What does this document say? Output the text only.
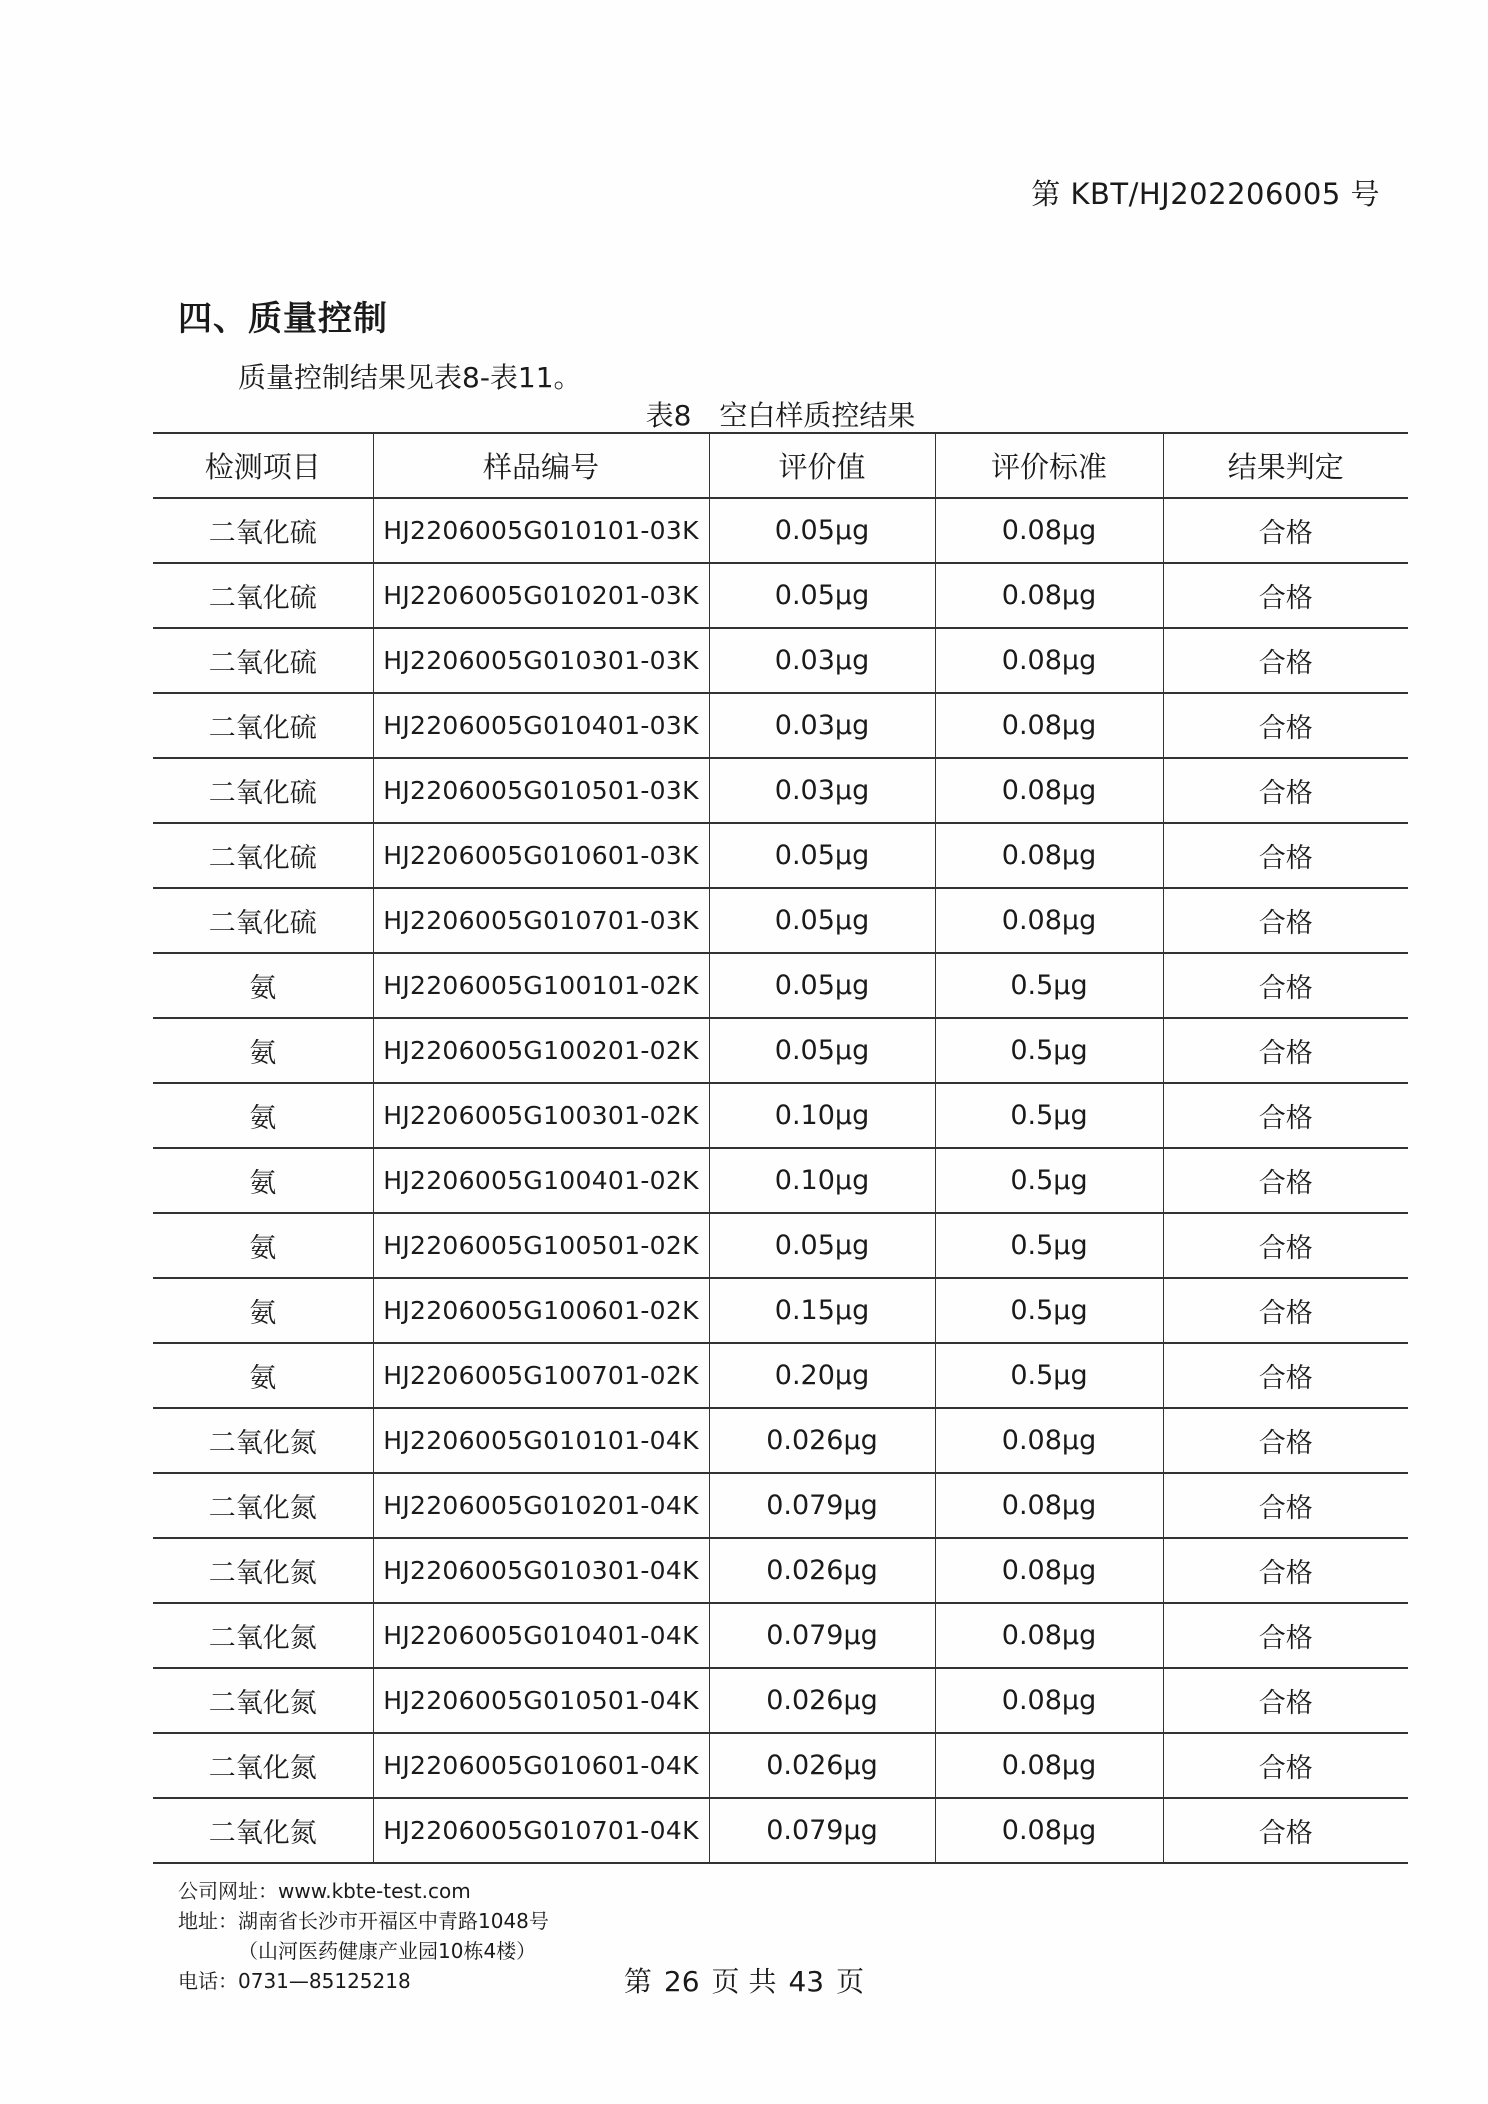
第 KBT/HJ202206005 号
四、质量控制
质量控制结果见表8-表11。
表8　空白样质控结果
检测项目	样品编号	评价值	评价标准	结果判定
二氧化硫	HJ2206005G010101-03K	0.05μg	0.08μg	合格
二氧化硫	HJ2206005G010201-03K	0.05μg	0.08μg	合格
二氧化硫	HJ2206005G010301-03K	0.03μg	0.08μg	合格
二氧化硫	HJ2206005G010401-03K	0.03μg	0.08μg	合格
二氧化硫	HJ2206005G010501-03K	0.03μg	0.08μg	合格
二氧化硫	HJ2206005G010601-03K	0.05μg	0.08μg	合格
二氧化硫	HJ2206005G010701-03K	0.05μg	0.08μg	合格
氨	HJ2206005G100101-02K	0.05μg	0.5μg	合格
氨	HJ2206005G100201-02K	0.05μg	0.5μg	合格
氨	HJ2206005G100301-02K	0.10μg	0.5μg	合格
氨	HJ2206005G100401-02K	0.10μg	0.5μg	合格
氨	HJ2206005G100501-02K	0.05μg	0.5μg	合格
氨	HJ2206005G100601-02K	0.15μg	0.5μg	合格
氨	HJ2206005G100701-02K	0.20μg	0.5μg	合格
二氧化氮	HJ2206005G010101-04K	0.026μg	0.08μg	合格
二氧化氮	HJ2206005G010201-04K	0.079μg	0.08μg	合格
二氧化氮	HJ2206005G010301-04K	0.026μg	0.08μg	合格
二氧化氮	HJ2206005G010401-04K	0.079μg	0.08μg	合格
二氧化氮	HJ2206005G010501-04K	0.026μg	0.08μg	合格
二氧化氮	HJ2206005G010601-04K	0.026μg	0.08μg	合格
二氧化氮	HJ2206005G010701-04K	0.079μg	0.08μg	合格
公司网址：www.kbte-test.com
地址：湖南省长沙市开福区中青路1048号
（山河医药健康产业园10栋4楼）
电话：0731—85125218	第 26 页 共 43 页
